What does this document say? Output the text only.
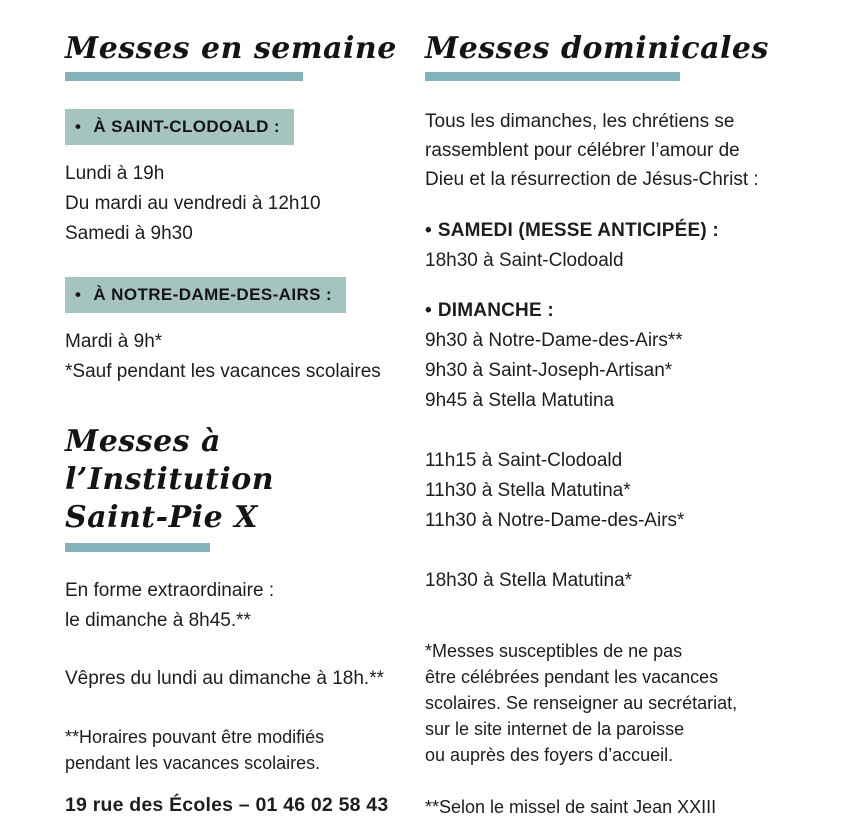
Messes en semaine
• À SAINT-CLODOALD :
Lundi à 19h
Du mardi au vendredi à 12h10
Samedi à 9h30
• À NOTRE-DAME-DES-AIRS :
Mardi à 9h*
*Sauf pendant les vacances scolaires
Messes à l’Institution
Saint-Pie X
En forme extraordinaire :
le dimanche à 8h45.**
Vêpres du lundi au dimanche à 18h.**
**Horaires pouvant être modifiés
pendant les vacances scolaires.
19 rue des Écoles – 01 46 02 58 43
Messes dominicales
Tous les dimanches, les chrétiens se
rassemblent pour célébrer l’amour de
Dieu et la résurrection de Jésus-Christ :
• SAMEDI (MESSE ANTICIPÉE) :
18h30 à Saint-Clodoald
• DIMANCHE :
9h30 à Notre-Dame-des-Airs**
9h30 à Saint-Joseph-Artisan*
9h45 à Stella Matutina
11h15 à Saint-Clodoald
11h30 à Stella Matutina*
11h30 à Notre-Dame-des-Airs*
18h30 à Stella Matutina*
*Messes susceptibles de ne pas
être célébrées pendant les vacances
scolaires. Se renseigner au secrétariat,
sur le site internet de la paroisse
ou auprès des foyers d’accueil.
**Selon le missel de saint Jean XXIII
